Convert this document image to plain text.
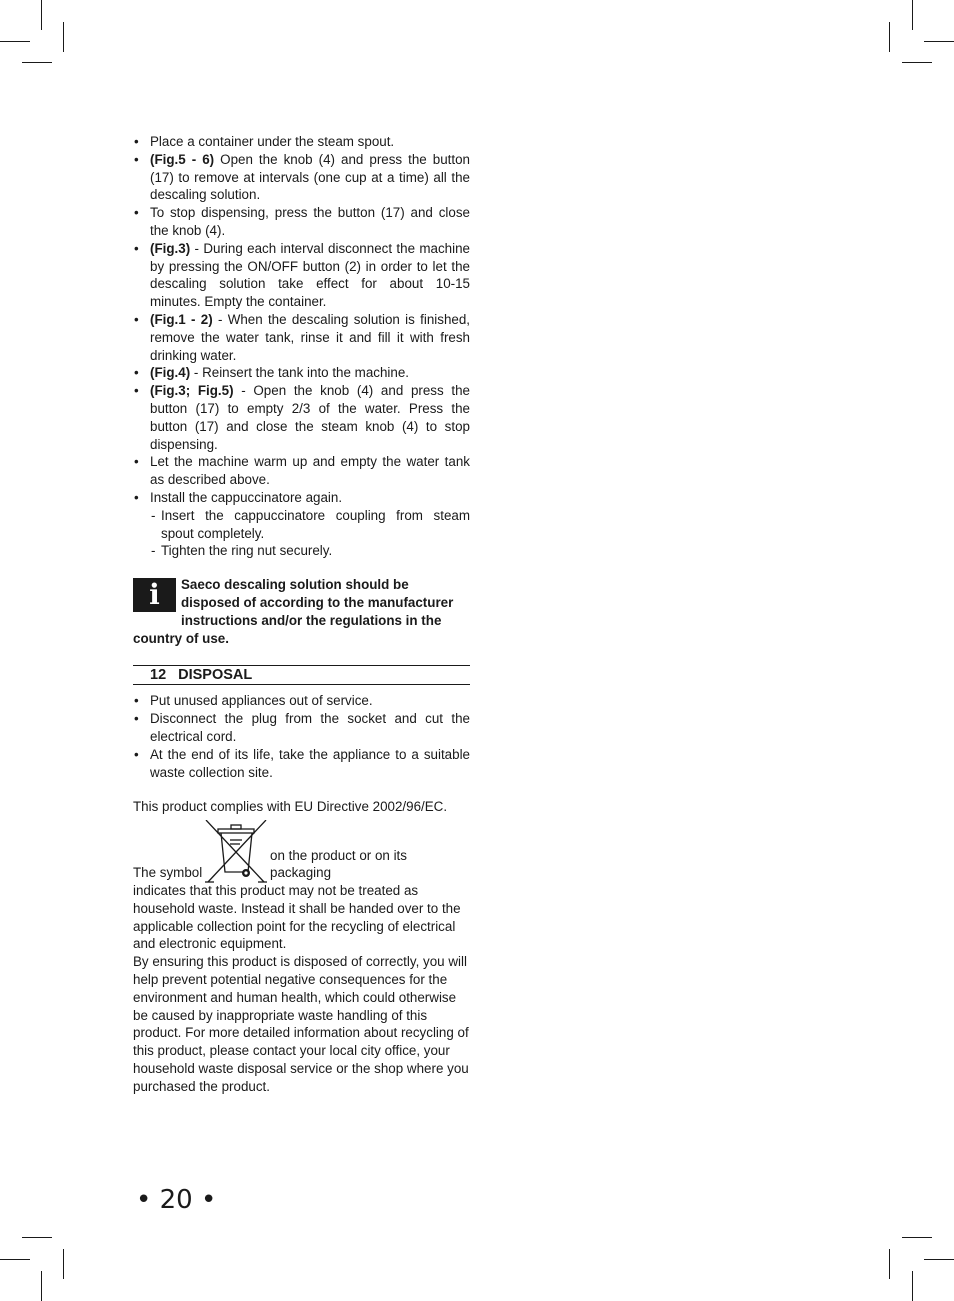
• Place a container under the steam spout.
• (Fig.5 - 6) Open the knob (4) and press the button (17) to remove at intervals (one cup at a time) all the descaling solution.
• To stop dispensing, press the button (17) and close the knob (4).
• (Fig.3) - During each interval disconnect the machine by pressing the ON/OFF button (2) in order to let the descaling solution take effect for about 10-15 minutes. Empty the container.
• (Fig.1 - 2) - When the descaling solution is finished, remove the water tank, rinse it and fill it with fresh drinking water.
• (Fig.4) - Reinsert the tank into the machine.
• (Fig.3; Fig.5) - Open the knob (4) and press the button (17) to empty 2/3 of the water. Press the button (17) and close the steam knob (4) to stop dispensing.
• Let the machine warm up and empty the water tank as described above.
• Install the cappuccinatore again.
- Insert the cappuccinatore coupling from steam spout completely.
- Tighten the ring nut securely.
i	Saeco descaling solution should be disposed of according to the manufacturer instructions and/or the regulations in the country of use.
12 DISPOSAL
• Put unused appliances out of service.
• Disconnect the plug from the socket and cut the electrical cord.
• At the end of its life, take the appliance to a suitable waste collection site.
This product complies with EU Directive 2002/96/EC.
The symbol
on the product or on its packaging
indicates that this product may not be treated as household waste. Instead it shall be handed over to the applicable collection point for the recycling of electrical and electronic equipment.
By ensuring this product is disposed of correctly, you will help prevent potential negative consequences for the environment and human health, which could otherwise be caused by inappropriate waste handling of this product. For more detailed information about recycling of this product, please contact your local city office, your household waste disposal service or the shop where you purchased the product.
• 20 •
